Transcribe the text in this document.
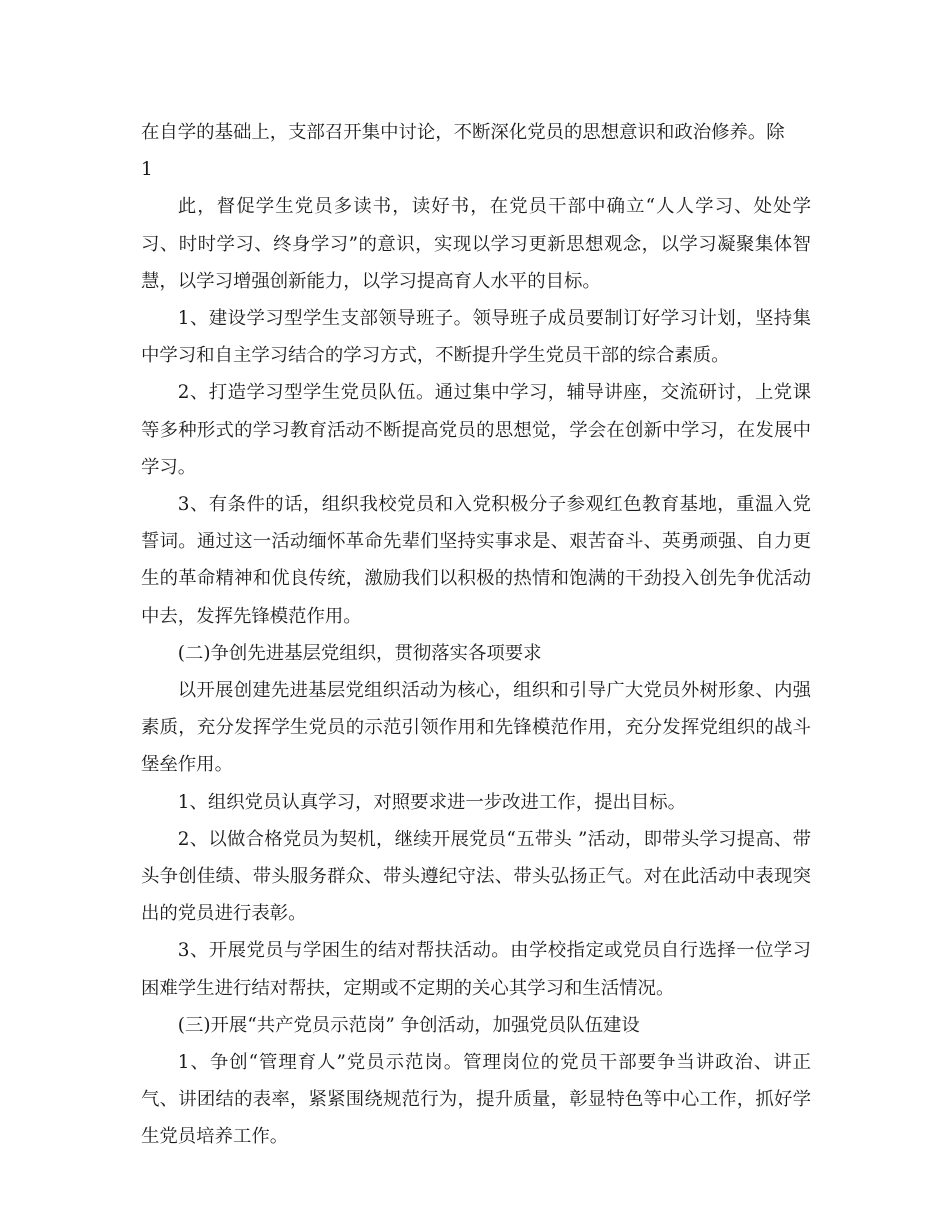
在自学的基础上，支部召开集中讨论，不断深化党员的思想意识和政治修养。除

1

此，督促学生党员多读书，读好书，在党员干部中确立“人人学习、处处学习、时时学习、终身学习”的意识，实现以学习更新思想观念，以学习凝聚集体智慧，以学习增强创新能力，以学习提高育人水平的目标。

1、建设学习型学生支部领导班子。领导班子成员要制订好学习计划，坚持集中学习和自主学习结合的学习方式，不断提升学生党员干部的综合素质。

2、打造学习型学生党员队伍。通过集中学习，辅导讲座，交流研讨，上党课等多种形式的学习教育活动不断提高党员的思想觉，学会在创新中学习，在发展中学习。

3、有条件的话，组织我校党员和入党积极分子参观红色教育基地，重温入党誓词。通过这一活动缅怀革命先辈们坚持实事求是、艰苦奋斗、英勇顽强、自力更生的革命精神和优良传统，激励我们以积极的热情和饱满的干劲投入创先争优活动中去，发挥先锋模范作用。

(二)争创先进基层党组织，贯彻落实各项要求

以开展创建先进基层党组织活动为核心，组织和引导广大党员外树形象、内强素质，充分发挥学生党员的示范引领作用和先锋模范作用，充分发挥党组织的战斗堡垒作用。

1、组织党员认真学习，对照要求进一步改进工作，提出目标。

2、以做合格党员为契机，继续开展党员“五带头 ”活动，即带头学习提高、带头争创佳绩、带头服务群众、带头遵纪守法、带头弘扬正气。对在此活动中表现突出的党员进行表彰。

3、开展党员与学困生的结对帮扶活动。由学校指定或党员自行选择一位学习困难学生进行结对帮扶，定期或不定期的关心其学习和生活情况。

(三)开展“共产党员示范岗” 争创活动，加强党员队伍建设

1、争创“管理育人”党员示范岗。管理岗位的党员干部要争当讲政治、讲正气、讲团结的表率，紧紧围绕规范行为，提升质量，彰显特色等中心工作，抓好学生党员培养工作。
